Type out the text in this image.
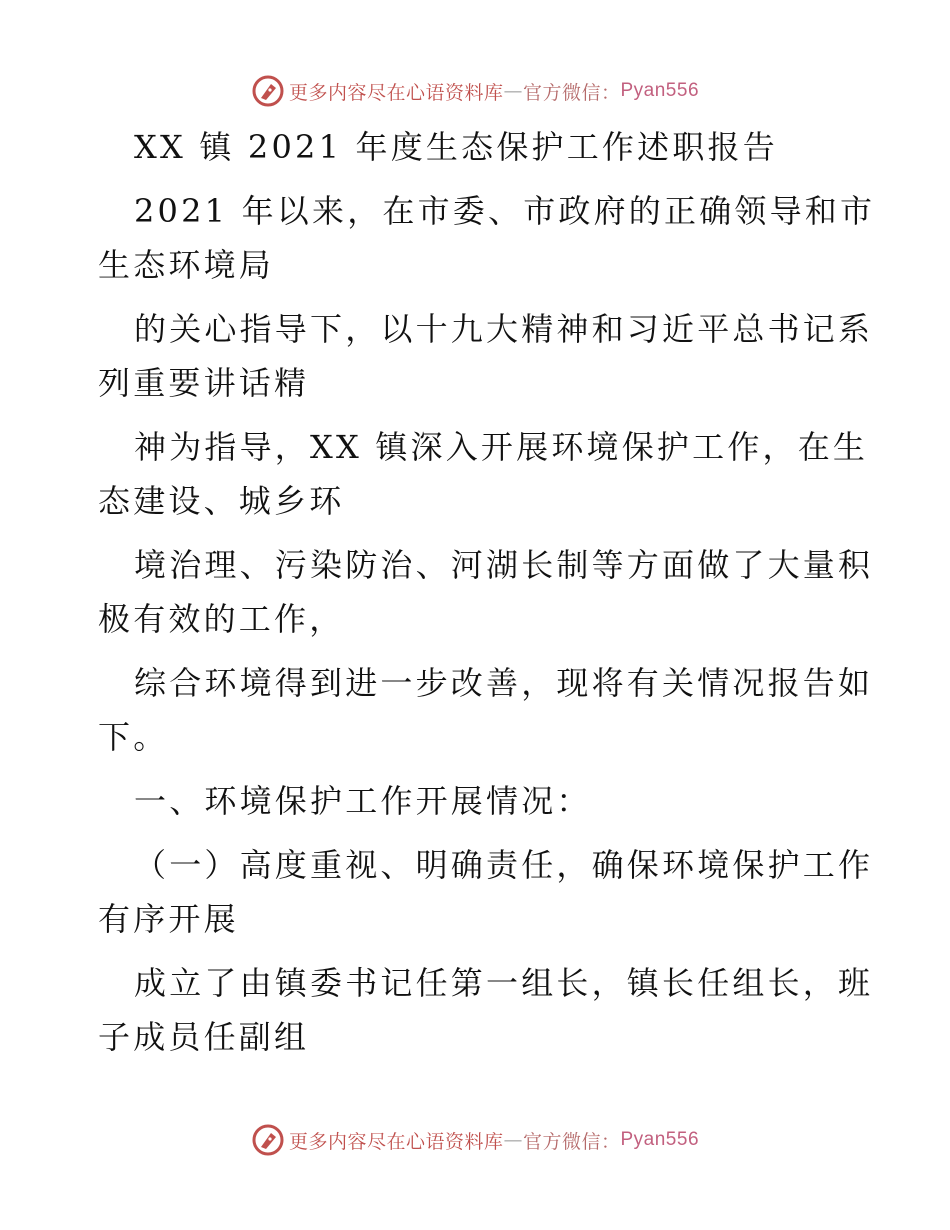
更多内容尽在心语资料库 — 官方微信： Pyan556
XX 镇 2021 年度生态保护工作述职报告
2021 年以来，在市委、市政府的正确领导和市
生态环境局
的关心指导下，以十九大精神和习近平总书记系
列重要讲话精
神为指导，XX 镇深入开展环境保护工作，在生
态建设、城乡环
境治理、污染防治、河湖长制等方面做了大量积
极有效的工作，
综合环境得到进一步改善，现将有关情况报告如
下。
一、环境保护工作开展情况：
（一）高度重视、明确责任，确保环境保护工作
有序开展
成立了由镇委书记任第一组长，镇长任组长，班
子成员任副组
更多内容尽在心语资料库 — 官方微信： Pyan556
